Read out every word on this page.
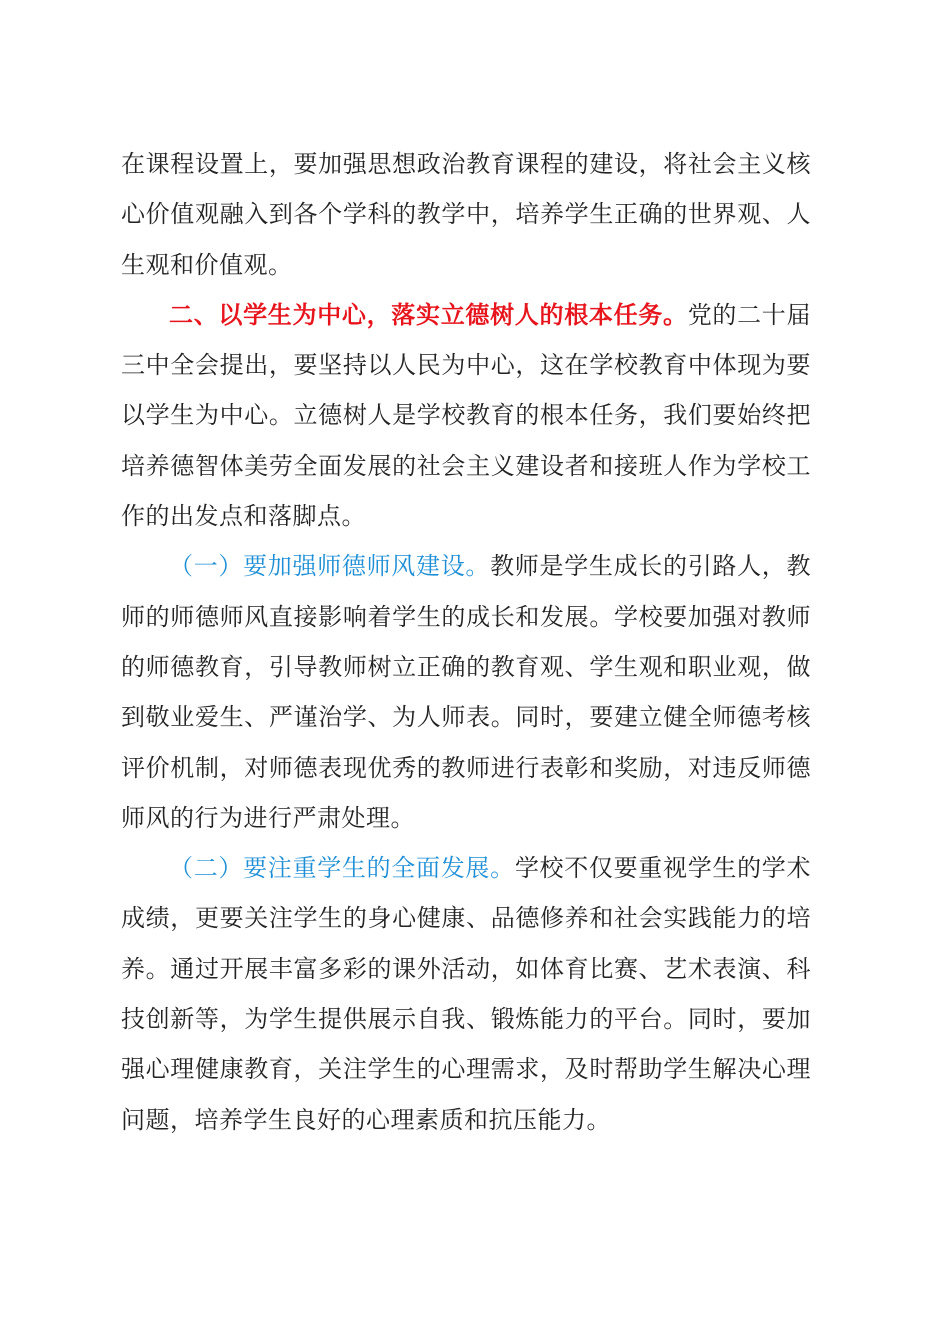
在课程设置上，要加强思想政治教育课程的建设，将社会主义核心价值观融入到各个学科的教学中，培养学生正确的世界观、人生观和价值观。

二、以学生为中心，落实立德树人的根本任务。党的二十届三中全会提出，要坚持以人民为中心，这在学校教育中体现为要以学生为中心。立德树人是学校教育的根本任务，我们要始终把培养德智体美劳全面发展的社会主义建设者和接班人作为学校工作的出发点和落脚点。

（一）要加强师德师风建设。教师是学生成长的引路人，教师的师德师风直接影响着学生的成长和发展。学校要加强对教师的师德教育，引导教师树立正确的教育观、学生观和职业观，做到敬业爱生、严谨治学、为人师表。同时，要建立健全师德考核评价机制，对师德表现优秀的教师进行表彰和奖励，对违反师德师风的行为进行严肃处理。

（二）要注重学生的全面发展。学校不仅要重视学生的学术成绩，更要关注学生的身心健康、品德修养和社会实践能力的培养。通过开展丰富多彩的课外活动，如体育比赛、艺术表演、科技创新等，为学生提供展示自我、锻炼能力的平台。同时，要加强心理健康教育，关注学生的心理需求，及时帮助学生解决心理问题，培养学生良好的心理素质和抗压能力。
